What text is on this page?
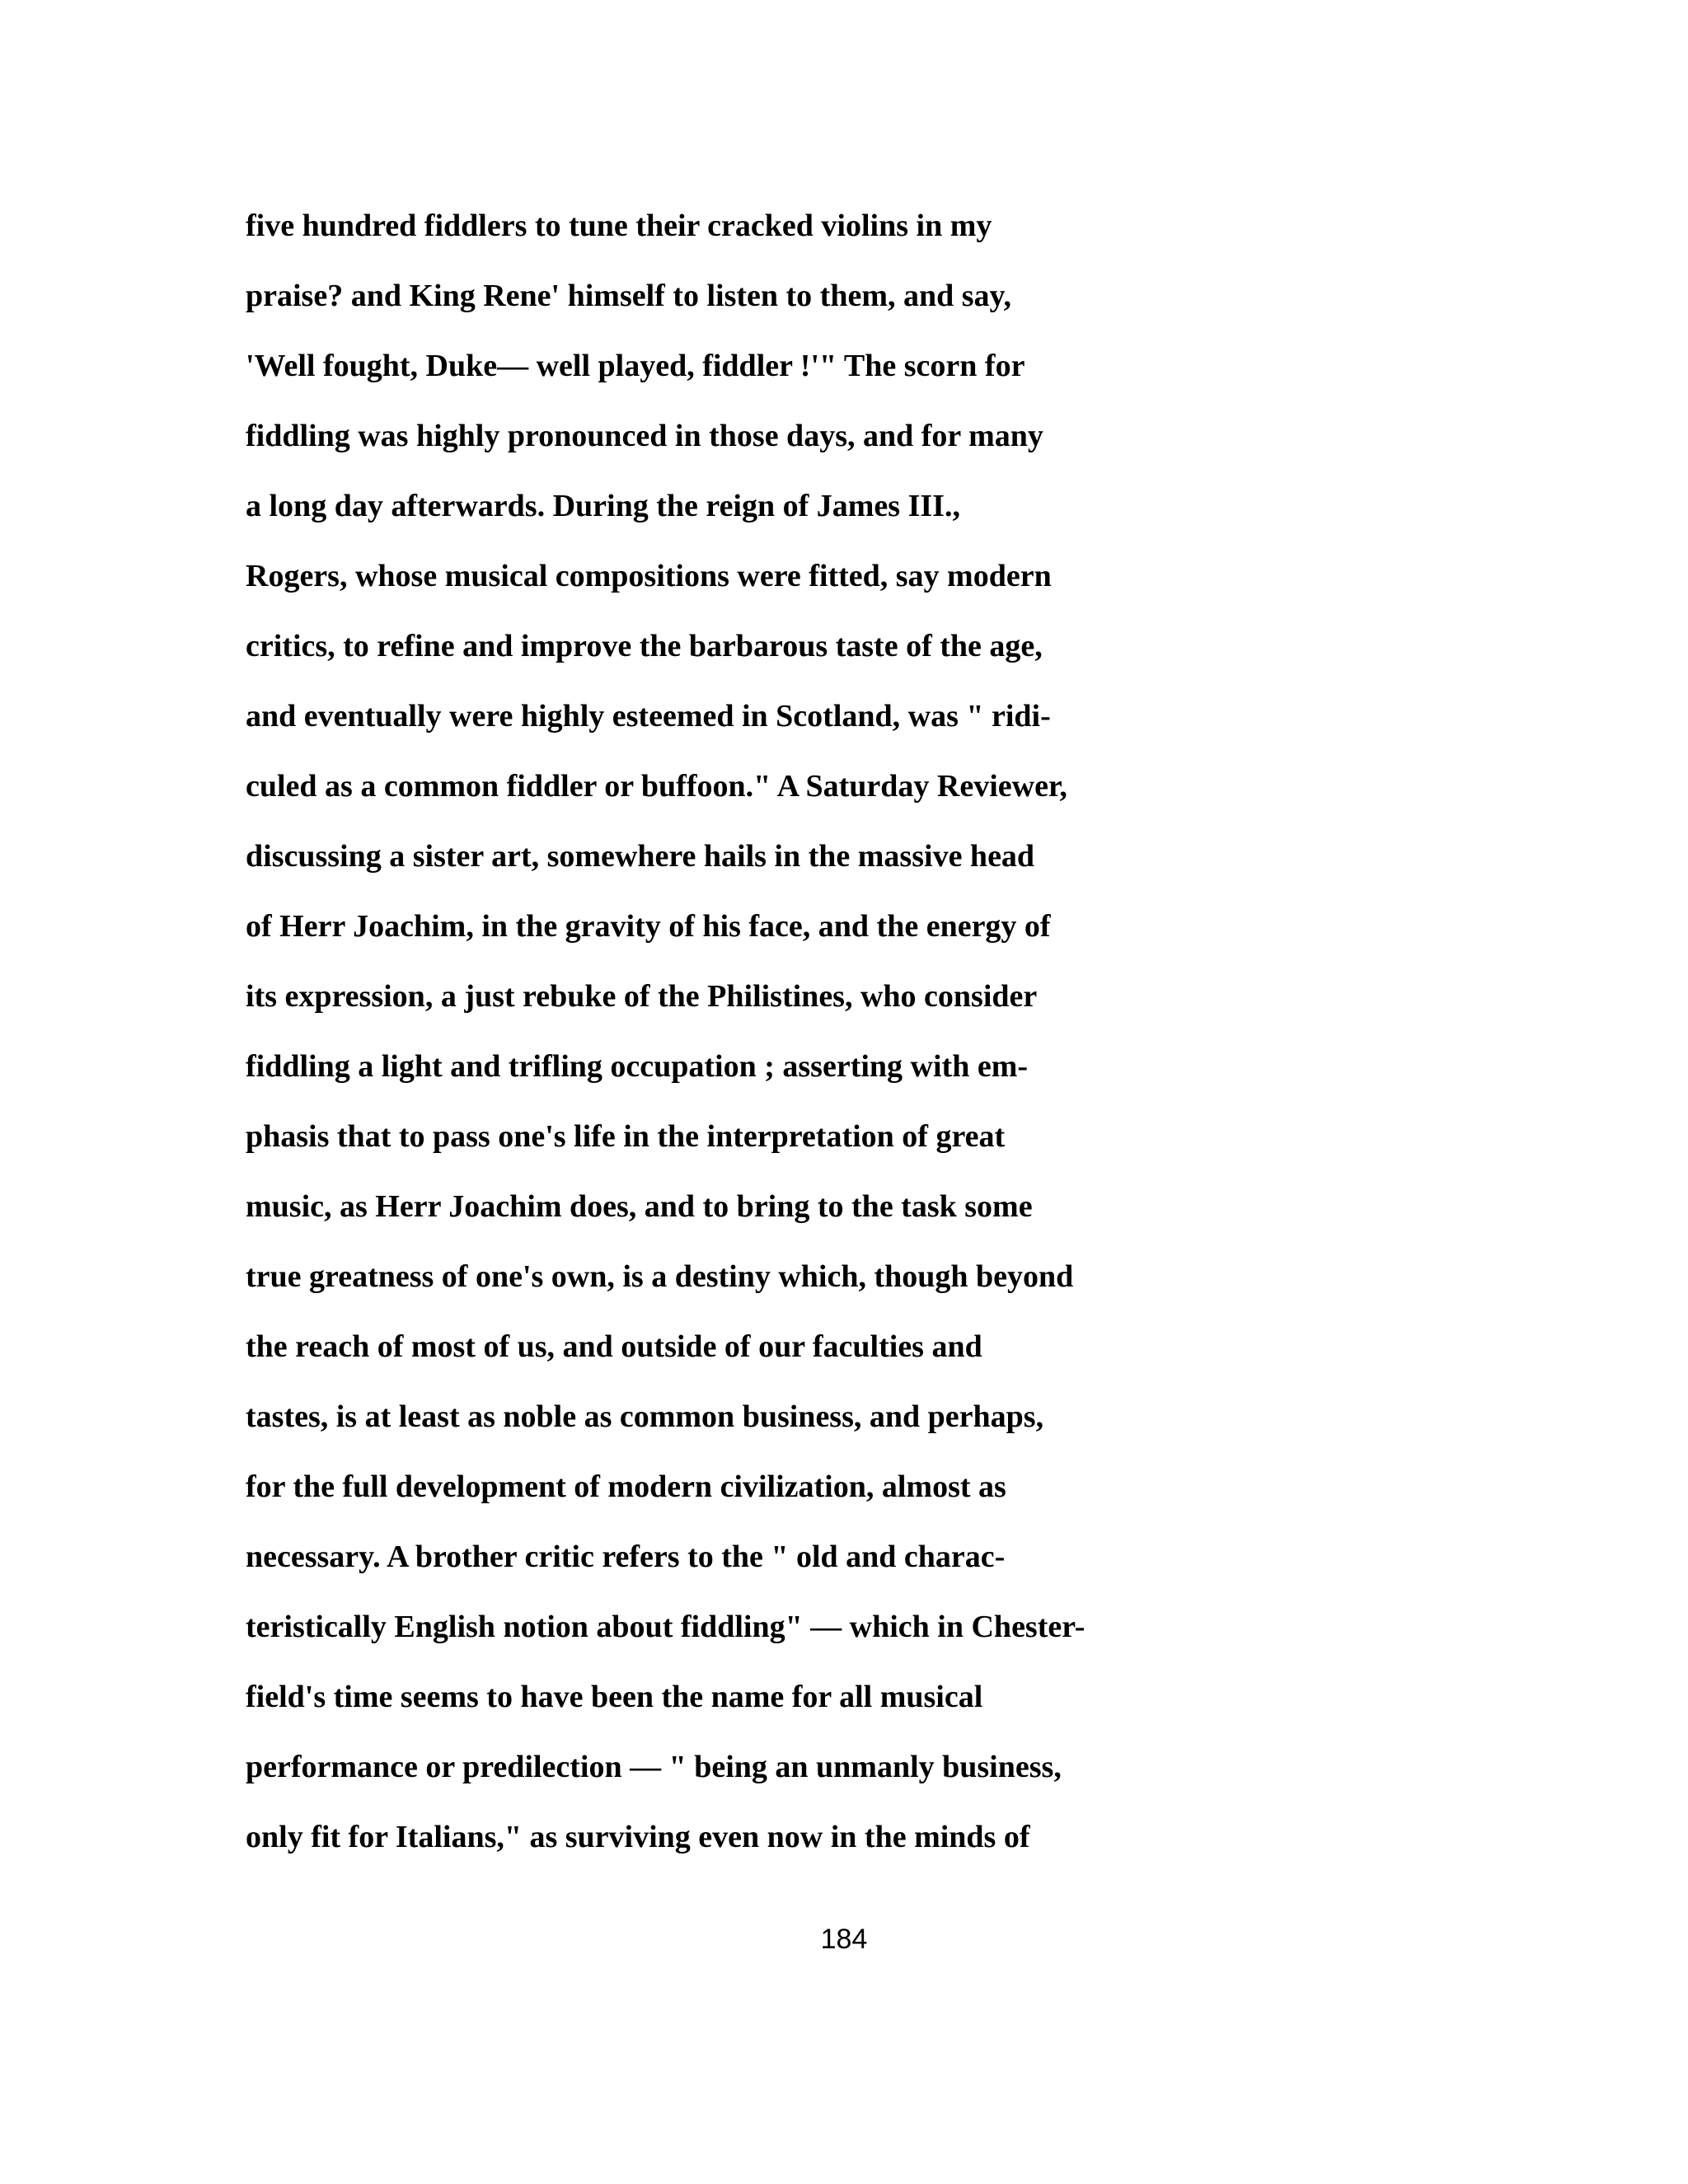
five hundred fiddlers to tune their cracked violins in my
praise? and King Rene' himself to listen to them, and say,
'Well fought, Duke— well played, fiddler !'" The scorn for
fiddling was highly pronounced in those days, and for many
a long day afterwards. During the reign of James III.,
Rogers, whose musical compositions were fitted, say modern
critics, to refine and improve the barbarous taste of the age,
and eventually were highly esteemed in Scotland, was " ridi-
culed as a common fiddler or buffoon." A Saturday Reviewer,
discussing a sister art, somewhere hails in the massive head
of Herr Joachim, in the gravity of his face, and the energy of
its expression, a just rebuke of the Philistines, who consider
fiddling a light and trifling occupation ; asserting with em-
phasis that to pass one's life in the interpretation of great
music, as Herr Joachim does, and to bring to the task some
true greatness of one's own, is a destiny which, though beyond
the reach of most of us, and outside of our faculties and
tastes, is at least as noble as common business, and perhaps,
for the full development of modern civilization, almost as
necessary. A brother critic refers to the " old and charac-
teristically English notion about fiddling" — which in Chester-
field's time seems to have been the name for all musical
performance or predilection — " being an unmanly business,
only fit for Italians," as surviving even now in the minds of
184
